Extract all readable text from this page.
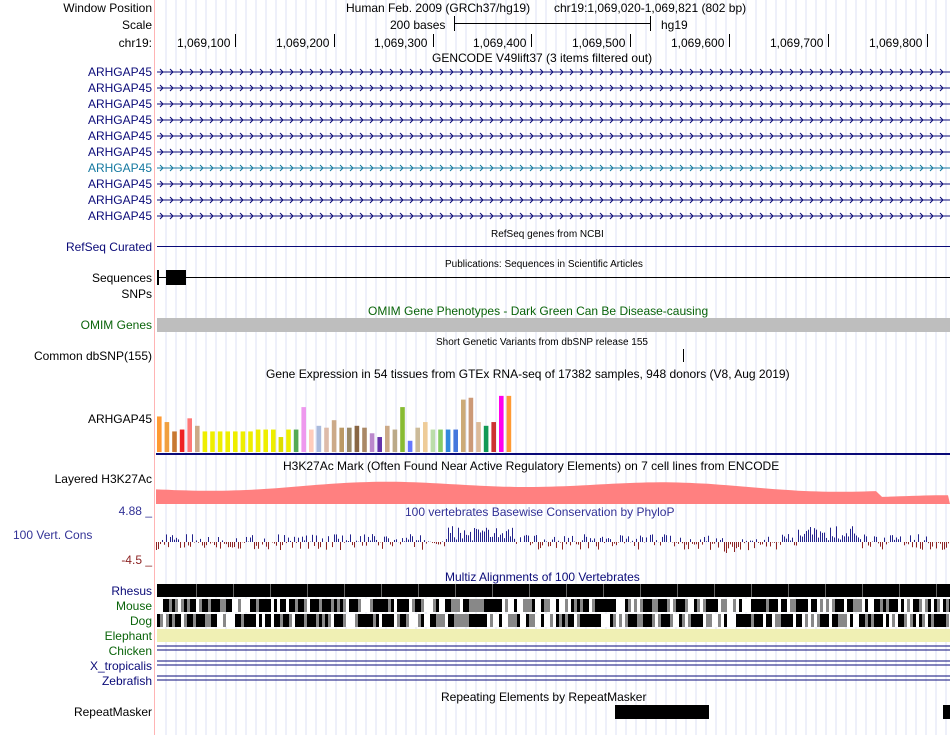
Window Position	Human Feb. 2009 (GRCh37/hg19) chr19:1,069,020-1,069,821 (802 bp)
Scale	200 bases	hg19
chr19: 1,069,100	1,069,200	1,069,300	1,069,400	1,069,500	1,069,600	1,069,700	1,069,800
GENCODE V49lift37 (3 items filtered out)
ARHGAP45
ARHGAP45
ARHGAP45
ARHGAP45
ARHGAP45
ARHGAP45
ARHGAP45
ARHGAP45
ARHGAP45
ARHGAP45
RefSeq genes from NCBI
RefSeq Curated
Publications: Sequences in Scientific Articles
Sequences
SNPs
OMIM Gene Phenotypes - Dark Green Can Be Disease-causing
OMIM Genes
Short Genetic Variants from dbSNP release 155
Common dbSNP(155)
Gene Expression in 54 tissues from GTEx RNA-seq of 17382 samples, 948 donors (V8, Aug 2019)
ARHGAP45
H3K27Ac Mark (Often Found Near Active Regulatory Elements) on 7 cell lines from ENCODE
Layered H3K27Ac
100 vertebrates Basewise Conservation by PhyloP
4.88 _
100 Vert. Cons
-4.5 _
Multiz Alignments of 100 Vertebrates
Rhesus
Mouse
Dog
Elephant
Chicken
X_tropicalis
Zebrafish
Repeating Elements by RepeatMasker
RepeatMasker
